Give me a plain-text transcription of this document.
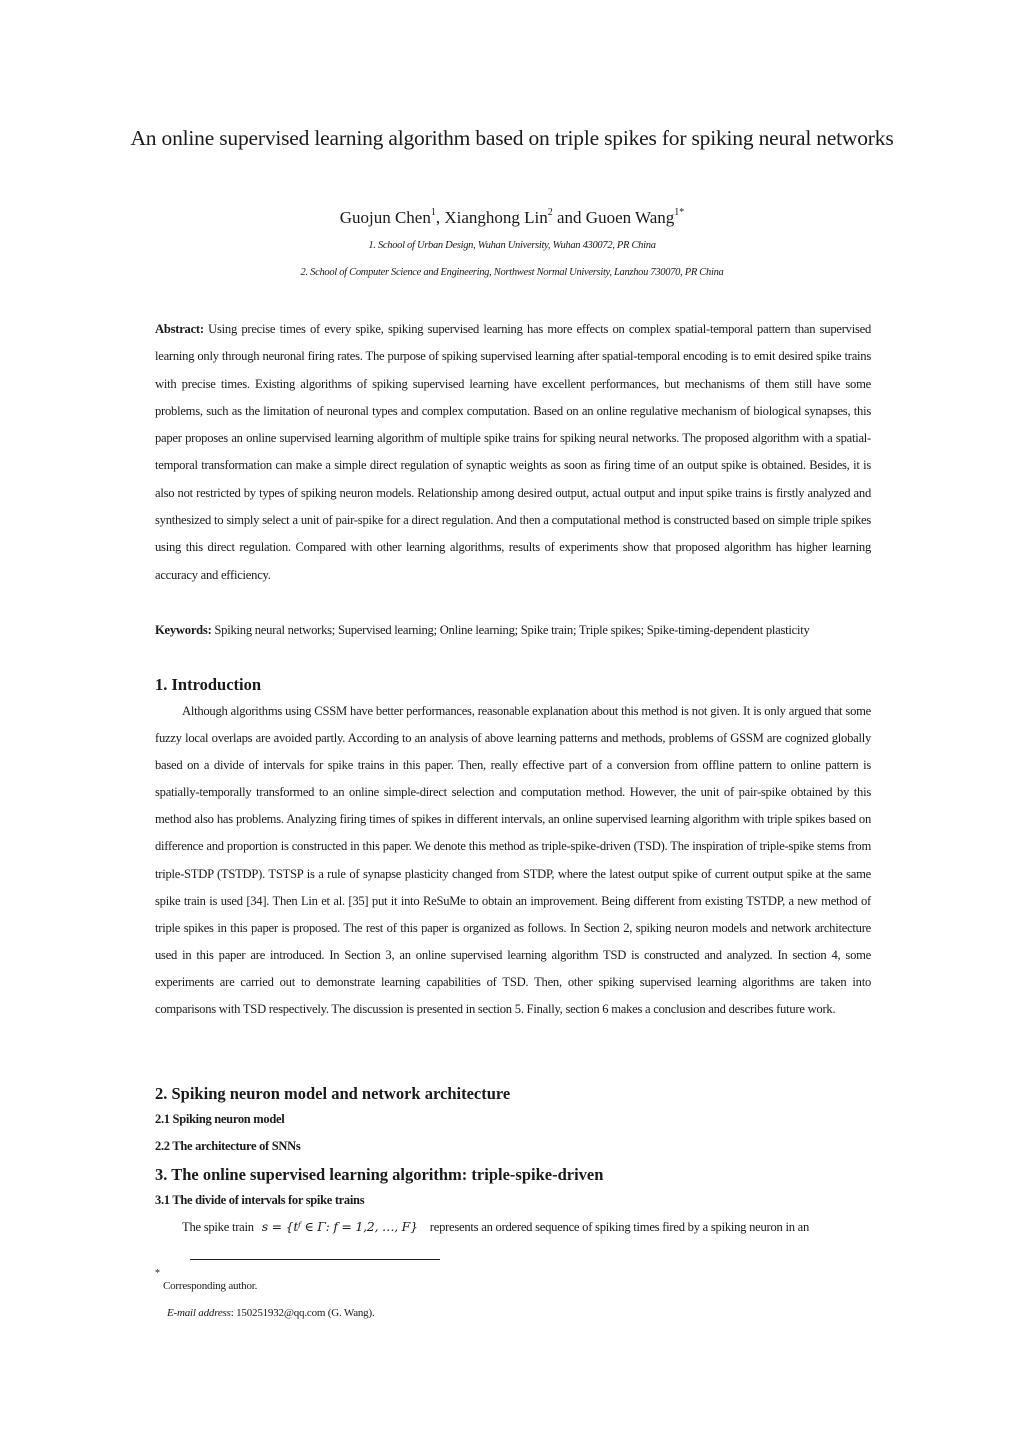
An online supervised learning algorithm based on triple spikes for spiking neural networks
Guojun Chen$^1$, Xianghong Lin$^2$ and Guoen Wang$^{1*}$
1. School of Urban Design, Wuhan University, Wuhan 430072, PR China
2. School of Computer Science and Engineering, Northwest Normal University, Lanzhou 730070, PR China
Abstract: Using precise times of every spike, spiking supervised learning has more effects on complex spatial-temporal pattern than supervised learning only through neuronal firing rates. The purpose of spiking supervised learning after spatial-temporal encoding is to emit desired spike trains with precise times. Existing algorithms of spiking supervised learning have excellent performances, but mechanisms of them still have some problems, such as the limitation of neuronal types and complex computation. Based on an online regulative mechanism of biological synapses, this paper proposes an online supervised learning algorithm of multiple spike trains for spiking neural networks. The proposed algorithm with a spatial-temporal transformation can make a simple direct regulation of synaptic weights as soon as firing time of an output spike is obtained. Besides, it is also not restricted by types of spiking neuron models. Relationship among desired output, actual output and input spike trains is firstly analyzed and synthesized to simply select a unit of pair-spike for a direct regulation. And then a computational method is constructed based on simple triple spikes using this direct regulation. Compared with other learning algorithms, results of experiments show that proposed algorithm has higher learning accuracy and efficiency.
Keywords: Spiking neural networks; Supervised learning; Online learning; Spike train; Triple spikes; Spike-timing-dependent plasticity
1. Introduction
Although algorithms using CSSM have better performances, reasonable explanation about this method is not given. It is only argued that some fuzzy local overlaps are avoided partly. According to an analysis of above learning patterns and methods, problems of GSSM are cognized globally based on a divide of intervals for spike trains in this paper. Then, really effective part of a conversion from offline pattern to online pattern is spatially-temporally transformed to an online simple-direct selection and computation method. However, the unit of pair-spike obtained by this method also has problems. Analyzing firing times of spikes in different intervals, an online supervised learning algorithm with triple spikes based on difference and proportion is constructed in this paper. We denote this method as triple-spike-driven (TSD). The inspiration of triple-spike stems from triple-STDP (TSTDP). TSTSP is a rule of synapse plasticity changed from STDP, where the latest output spike of current output spike at the same spike train is used [34]. Then Lin et al. [35] put it into ReSuMe to obtain an improvement. Being different from existing TSTDP, a new method of triple spikes in this paper is proposed. The rest of this paper is organized as follows. In Section 2, spiking neuron models and network architecture used in this paper are introduced. In Section 3, an online supervised learning algorithm TSD is constructed and analyzed. In section 4, some experiments are carried out to demonstrate learning capabilities of TSD. Then, other spiking supervised learning algorithms are taken into comparisons with TSD respectively. The discussion is presented in section 5. Finally, section 6 makes a conclusion and describes future work.
2. Spiking neuron model and network architecture
2.1 Spiking neuron model
2.2 The architecture of SNNs
3. The online supervised learning algorithm: triple-spike-driven
3.1 The divide of intervals for spike trains
The spike train s = {tᶠ ∈ Γ: f = 1,2, …, F} represents an ordered sequence of spiking times fired by a spiking neuron in an
*
Corresponding author.
E-mail address: 150251932@qq.com (G. Wang).
